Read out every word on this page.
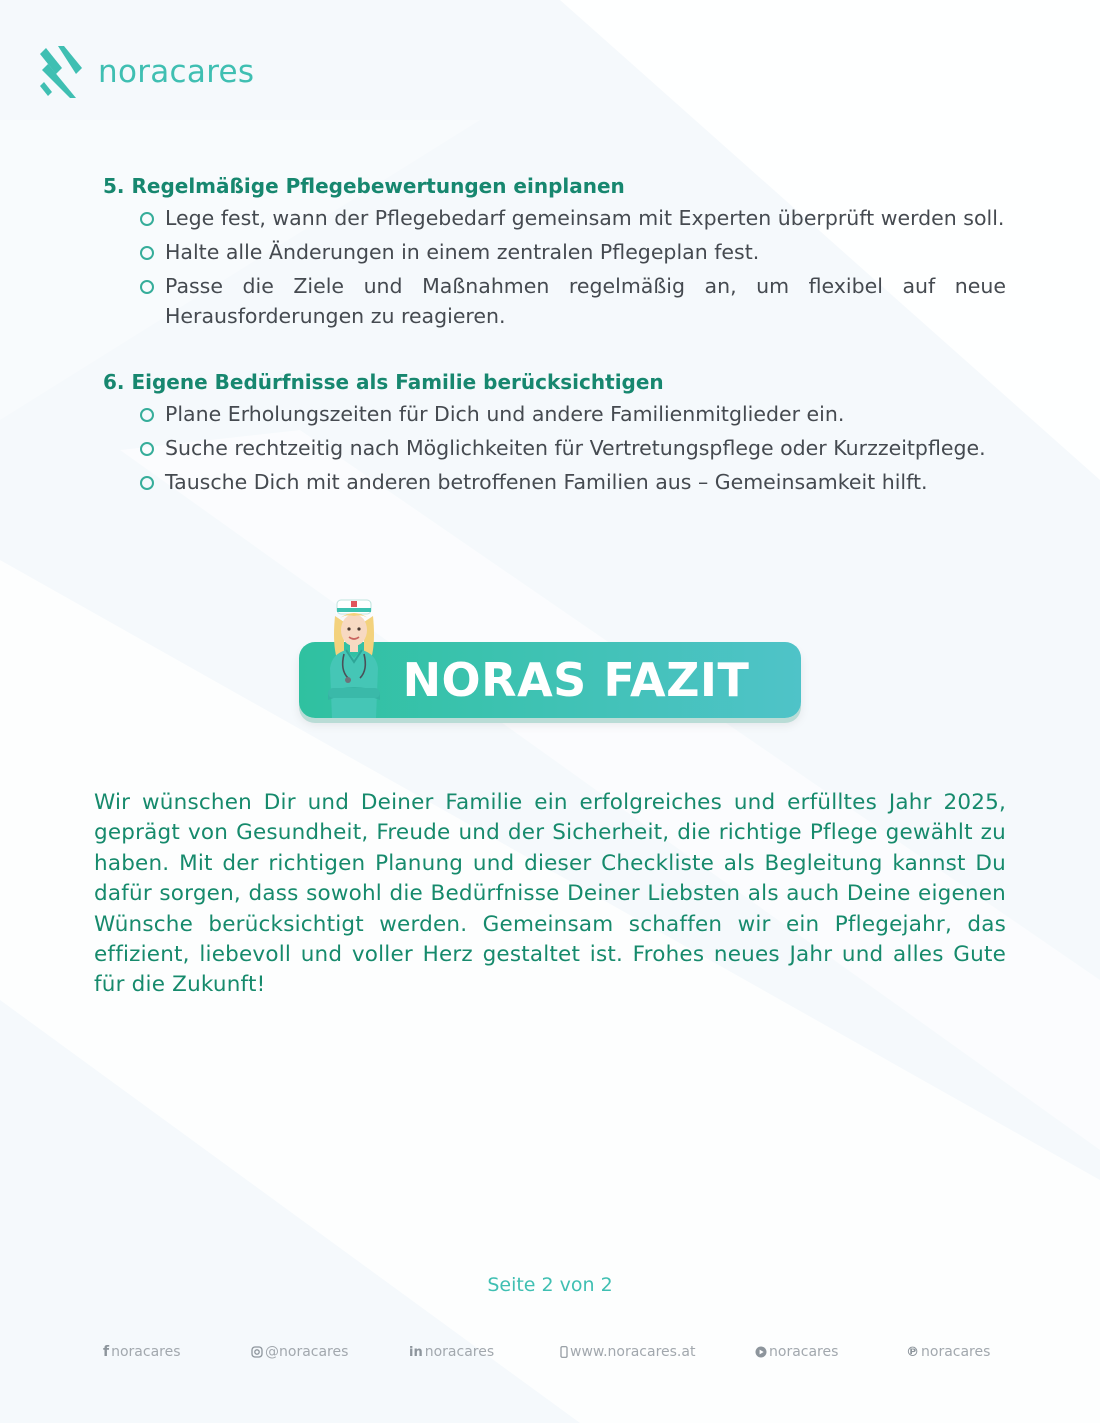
noracares
5. Regelmäßige Pflegebewertungen einplanen
Lege fest, wann der Pflegebedarf gemeinsam mit Experten überprüft werden soll.
Halte alle Änderungen in einem zentralen Pflegeplan fest.
Passe die Ziele und Maßnahmen regelmäßig an, um flexibel auf neue Herausforderungen zu reagieren.
6. Eigene Bedürfnisse als Familie berücksichtigen
Plane Erholungszeiten für Dich und andere Familienmitglieder ein.
Suche rechtzeitig nach Möglichkeiten für Vertretungspflege oder Kurzzeitpflege.
Tausche Dich mit anderen betroffenen Familien aus – Gemeinsamkeit hilft.
NORAS FAZIT

Wir wünschen Dir und Deiner Familie ein erfolgreiches und erfülltes Jahr 2025, geprägt von Gesundheit, Freude und der Sicherheit, die richtige Pflege gewählt zu haben. Mit der richtigen Planung und dieser Checkliste als Begleitung kannst Du dafür sorgen, dass sowohl die Bedürfnisse Deiner Liebsten als auch Deine eigenen Wünsche berücksichtigt werden. Gemeinsam schaffen wir ein Pflegejahr, das effizient, liebevoll und voller Herz gestaltet ist. Frohes neues Jahr und alles Gute für die Zukunft!

Seite 2 von 2
f noracares	@noracares	in noracares	www.noracares.at	noracares	℗ noracares
